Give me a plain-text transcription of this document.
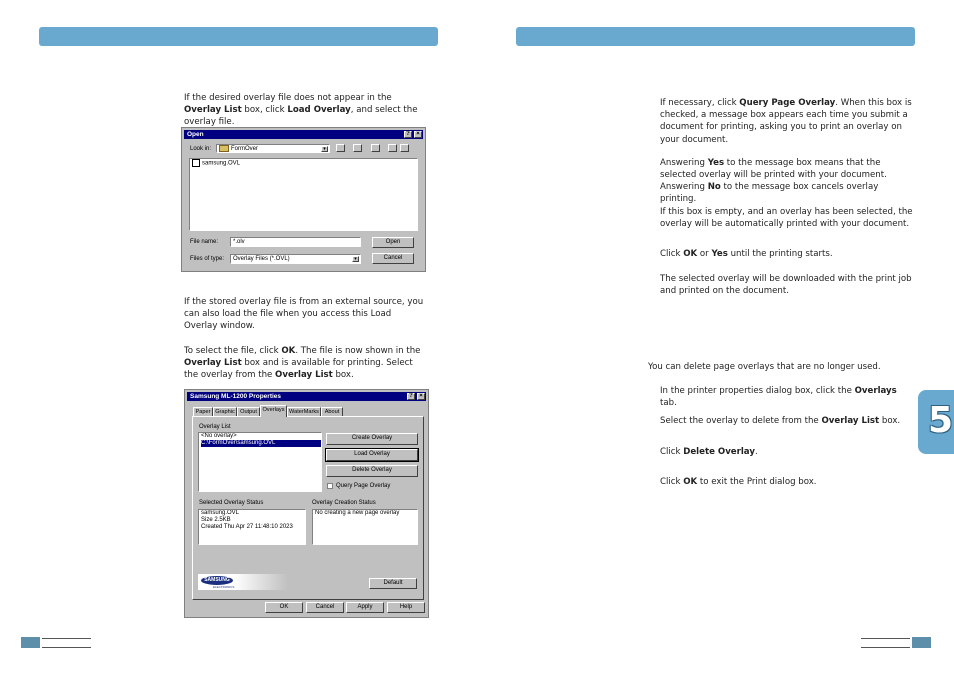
If the desired overlay file does not appear in the Overlay List box, click Load Overlay, and select the overlay file.
Open	?	×
Look in:	FormOver	▾
samsung.OVL
File name:	*.olv
Files of type:	Overlay Files (*.OVL)	▾
Open
Cancel
If the stored overlay file is from an external source, you can also load the file when you access this Load Overlay window.
To select the file, click OK. The file is now shown in the Overlay List box and is available for printing. Select the overlay from the Overlay List box.
Samsung ML-1200 Properties	?	×
Paper Graphic Output Overlays WaterMarks	About
Overlay List
<No overlay>
C:\FormOver\samsung.OVL
Create Overlay
Load Overlay
Delete Overlay
Query Page Overlay
Selected Overlay Status
samsung.OVL
Size 2.5KB
Created Thu Apr 27 11:48:10 2023
Overlay Creation Status
No creating a new page overlay
SAMSUNG
ELECTRONICS
Default
OK	Cancel	Apply	Help
If necessary, click Query Page Overlay. When this box is checked, a message box appears each time you submit a document for printing, asking you to print an overlay on your document.
Answering Yes to the message box means that the selected overlay will be printed with your document.
Answering No to the message box cancels overlay printing.
If this box is empty, and an overlay has been selected, the overlay will be automatically printed with your document.
Click OK or Yes until the printing starts.
The selected overlay will be downloaded with the print job and printed on the document.
You can delete page overlays that are no longer used.
In the printer properties dialog box, click the Overlays tab.
Select the overlay to delete from the Overlay List box.
Click Delete Overlay.
Click OK to exit the Print dialog box.
5
